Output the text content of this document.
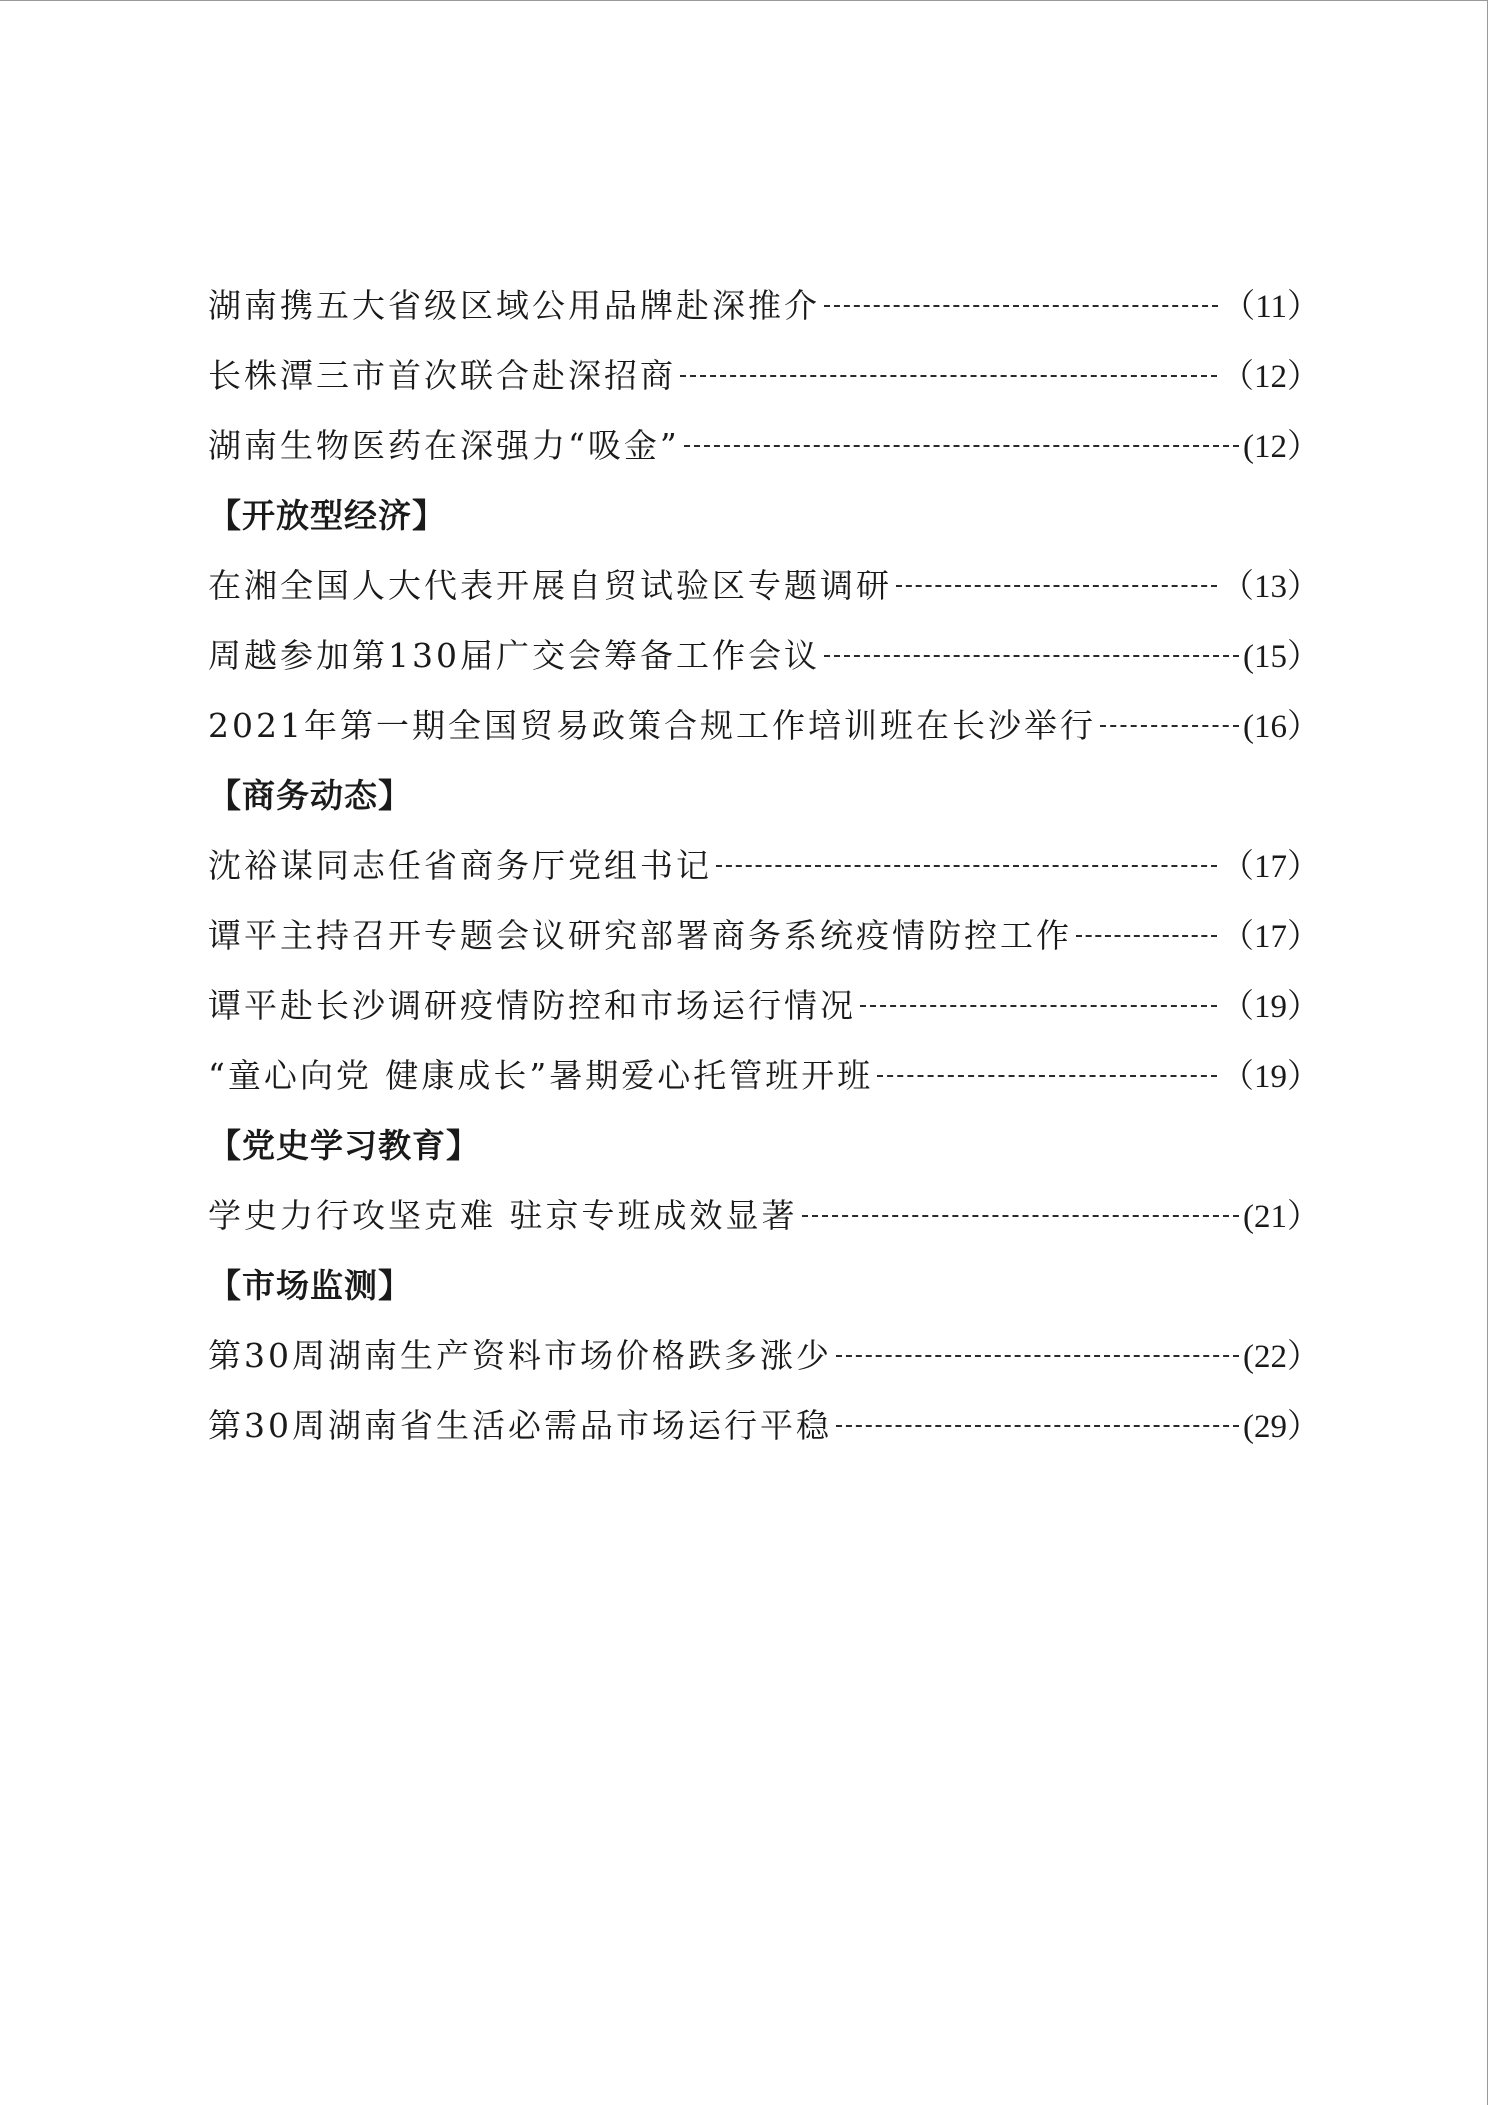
湖南携五大省级区域公用品牌赴深推介	（11）
长株潭三市首次联合赴深招商	（12）
湖南生物医药在深强力“吸金”	(12）
【开放型经济】
在湘全国人大代表开展自贸试验区专题调研	（13）
周越参加第130届广交会筹备工作会议	(15）
2021年第一期全国贸易政策合规工作培训班在长沙举行	(16）
【商务动态】
沈裕谋同志任省商务厅党组书记	（17）
谭平主持召开专题会议研究部署商务系统疫情防控工作	（17）
谭平赴长沙调研疫情防控和市场运行情况	（19）
“童心向党 健康成长”暑期爱心托管班开班	（19）
【党史学习教育】
学史力行攻坚克难 驻京专班成效显著	(21）
【市场监测】
第30周湖南生产资料市场价格跌多涨少	(22）
第30周湖南省生活必需品市场运行平稳	(29）
